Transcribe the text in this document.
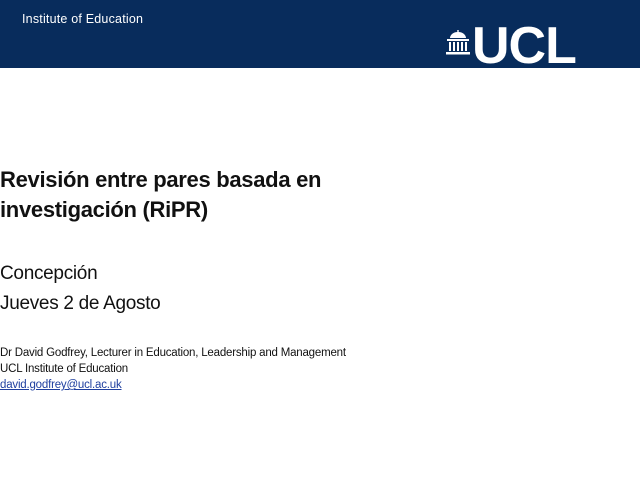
Institute of Education	UCL
Revisión entre pares basada en
investigación (RiPR)
Concepción
Jueves 2 de Agosto
Dr David Godfrey, Lecturer in Education, Leadership and Management
UCL Institute of Education
david.godfrey@ucl.ac.uk
